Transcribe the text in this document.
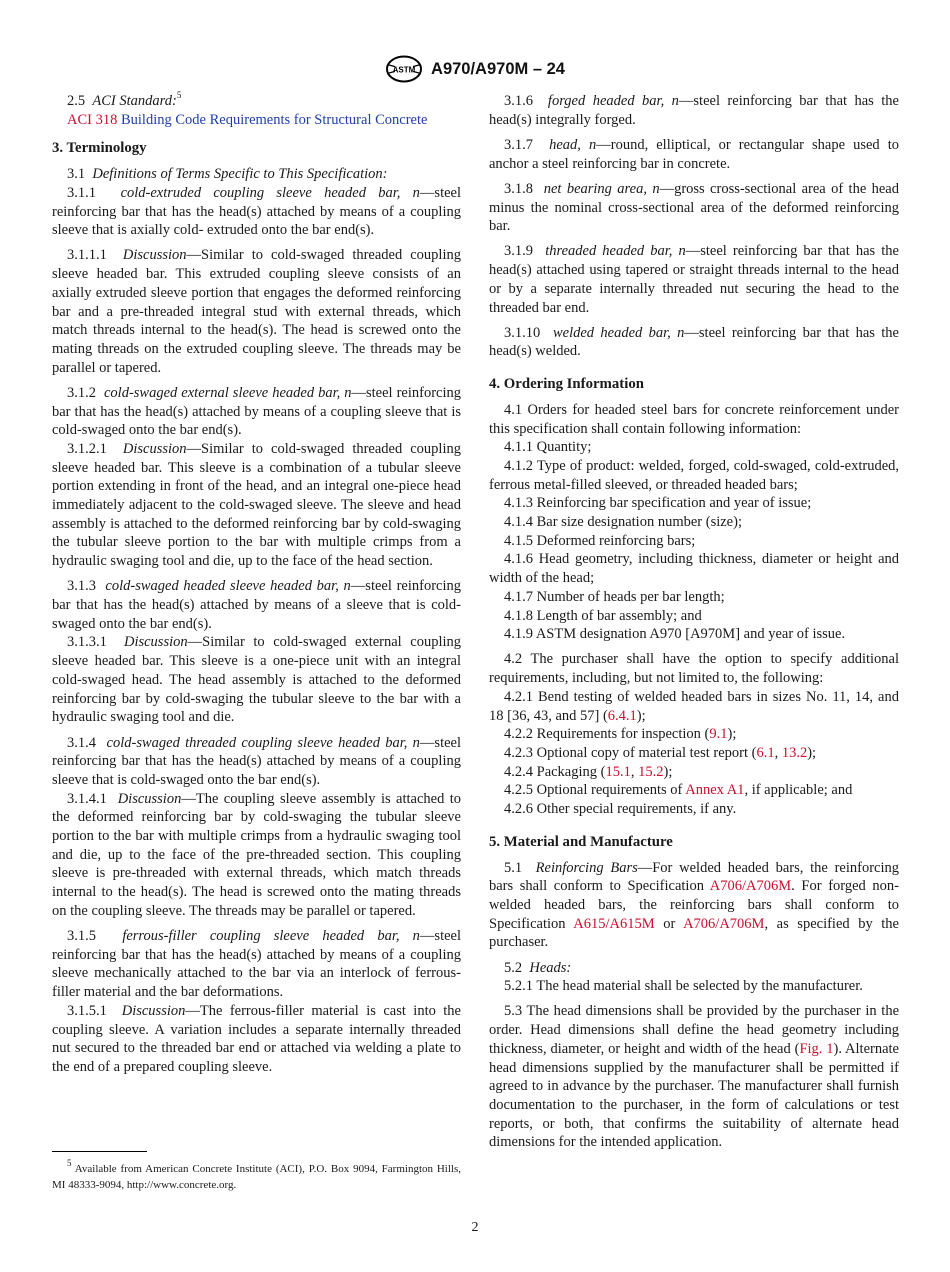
ASTM A970/A970M – 24

2.5 ACI Standard:$^5$

ACI 318 Building Code Requirements for Structural Concrete

3. Terminology

3.1 Definitions of Terms Specific to This Specification:

3.1.1 cold-extruded coupling sleeve headed bar, n—steel reinforcing bar that has the head(s) attached by means of a coupling sleeve that is axially cold- extruded onto the bar end(s).

3.1.1.1 Discussion—Similar to cold-swaged threaded coupling sleeve headed bar. This extruded coupling sleeve consists of an axially extruded sleeve portion that engages the deformed reinforcing bar and a pre-threaded integral stud with external threads, which match threads internal to the head(s). The head is screwed onto the mating threads on the extruded coupling sleeve. The threads may be parallel or tapered.

3.1.2 cold-swaged external sleeve headed bar, n—steel reinforcing bar that has the head(s) attached by means of a coupling sleeve that is cold-swaged onto the bar end(s).

3.1.2.1 Discussion—Similar to cold-swaged threaded coupling sleeve headed bar. This sleeve is a combination of a tubular sleeve portion extending in front of the head, and an integral one-piece head immediately adjacent to the cold-swaged sleeve. The sleeve and head assembly is attached to the deformed reinforcing bar by cold-swaging the tubular sleeve portion to the bar with multiple crimps from a hydraulic swaging tool and die, up to the face of the head section.

3.1.3 cold-swaged headed sleeve headed bar, n—steel reinforcing bar that has the head(s) attached by means of a sleeve that is cold-swaged onto the bar end(s).

3.1.3.1 Discussion—Similar to cold-swaged external coupling sleeve headed bar. This sleeve is a one-piece unit with an integral cold-swaged head. The head assembly is attached to the deformed reinforcing bar by cold-swaging the tubular sleeve to the bar with a hydraulic swaging tool and die.

3.1.4 cold-swaged threaded coupling sleeve headed bar, n—steel reinforcing bar that has the head(s) attached by means of a coupling sleeve that is cold-swaged onto the bar end(s).

3.1.4.1 Discussion—The coupling sleeve assembly is attached to the deformed reinforcing bar by cold-swaging the tubular sleeve portion to the bar with multiple crimps from a hydraulic swaging tool and die, up to the face of the pre-threaded section. This coupling sleeve is pre-threaded with external threads, which match threads internal to the head(s). The head is screwed onto the mating threads on the coupling sleeve. The threads may be parallel or tapered.

3.1.5 ferrous-filler coupling sleeve headed bar, n—steel reinforcing bar that has the head(s) attached by means of a coupling sleeve mechanically attached to the bar via an interlock of ferrous-filler material and the bar deformations.

3.1.5.1 Discussion—The ferrous-filler material is cast into the coupling sleeve. A variation includes a separate internally threaded nut secured to the threaded bar end or attached via welding a plate to the end of a prepared coupling sleeve.

3.1.6 forged headed bar, n—steel reinforcing bar that has the head(s) integrally forged.

3.1.7 head, n—round, elliptical, or rectangular shape used to anchor a steel reinforcing bar in concrete.

3.1.8 net bearing area, n—gross cross-sectional area of the head minus the nominal cross-sectional area of the deformed reinforcing bar.

3.1.9 threaded headed bar, n—steel reinforcing bar that has the head(s) attached using tapered or straight threads internal to the head or by a separate internally threaded nut securing the head to the threaded bar end.

3.1.10 welded headed bar, n—steel reinforcing bar that has the head(s) welded.

4. Ordering Information

4.1 Orders for headed steel bars for concrete reinforcement under this specification shall contain following information:

4.1.1 Quantity;

4.1.2 Type of product: welded, forged, cold-swaged, cold-extruded, ferrous metal-filled sleeved, or threaded headed bars;

4.1.3 Reinforcing bar specification and year of issue;

4.1.4 Bar size designation number (size);

4.1.5 Deformed reinforcing bars;

4.1.6 Head geometry, including thickness, diameter or height and width of the head;

4.1.7 Number of heads per bar length;

4.1.8 Length of bar assembly; and

4.1.9 ASTM designation A970 [A970M] and year of issue.

4.2 The purchaser shall have the option to specify additional requirements, including, but not limited to, the following:

4.2.1 Bend testing of welded headed bars in sizes No. 11, 14, and 18 [36, 43, and 57] (6.4.1);

4.2.2 Requirements for inspection (9.1);

4.2.3 Optional copy of material test report (6.1, 13.2);

4.2.4 Packaging (15.1, 15.2);

4.2.5 Optional requirements of Annex A1, if applicable; and

4.2.6 Other special requirements, if any.

5. Material and Manufacture

5.1 Reinforcing Bars—For welded headed bars, the reinforcing bars shall conform to Specification A706/A706M. For forged non-welded headed bars, the reinforcing bars shall conform to Specification A615/A615M or A706/A706M, as specified by the purchaser.

5.2 Heads:

5.2.1 The head material shall be selected by the manufacturer.

5.3 The head dimensions shall be provided by the purchaser in the order. Head dimensions shall define the head geometry including thickness, diameter, or height and width of the head (Fig. 1). Alternate head dimensions supplied by the manufacturer shall be permitted if agreed to in advance by the purchaser. The manufacturer shall furnish documentation to the purchaser, in the form of calculations or test reports, or both, that confirms the suitability of alternate head dimensions for the intended application.

$^5$ Available from American Concrete Institute (ACI), P.O. Box 9094, Farmington Hills, MI 48333-9094, http://www.concrete.org.
2
